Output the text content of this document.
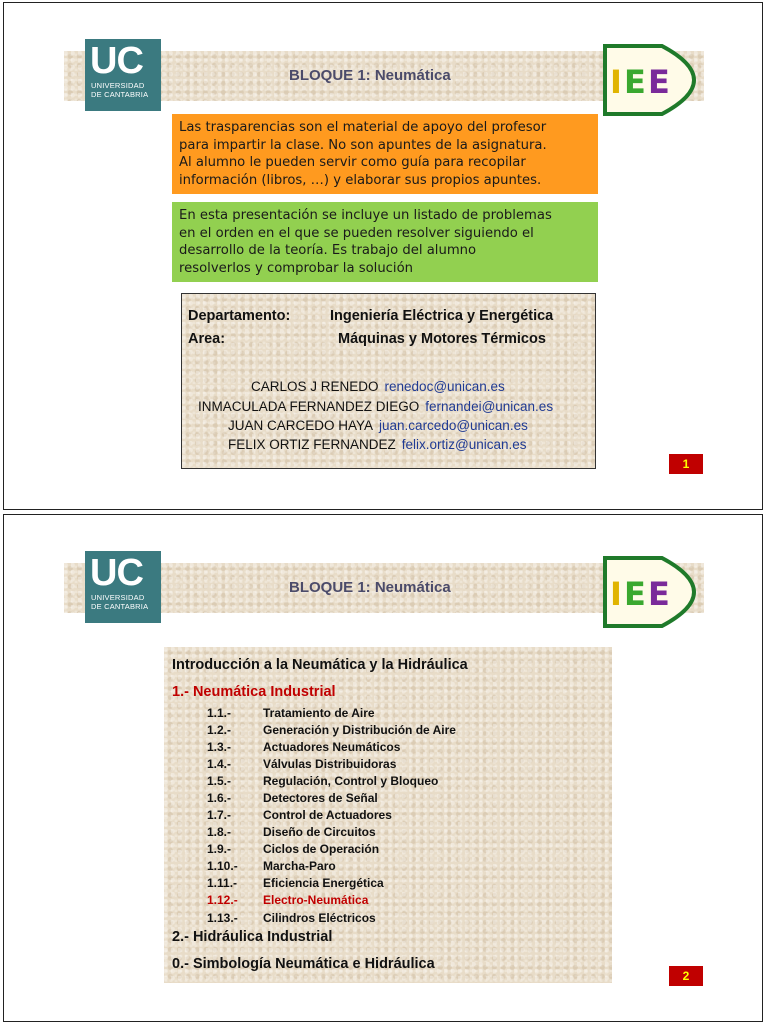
UC
UNIVERSIDAD
DE CANTABRIA
BLOQUE 1: Neumática	I E E
Las trasparencias son el material de apoyo del profesor
para impartir la clase. No son apuntes de la asignatura.
Al alumno le pueden servir como guía para recopilar
información (libros, …) y elaborar sus propios apuntes.
En esta presentación se incluye un listado de problemas
en el orden en el que se pueden resolver siguiendo el
desarrollo de la teoría. Es trabajo del alumno
resolverlos y comprobar la solución
Departamento:	Ingeniería Eléctrica y Energética
Area:	Máquinas y Motores Térmicos
CARLOS J RENEDO renedoc@unican.es
INMACULADA FERNANDEZ DIEGO fernandei@unican.es
JUAN CARCEDO HAYA juan.carcedo@unican.es
FELIX ORTIZ FERNANDEZ felix.ortiz@unican.es
1
UC
UNIVERSIDAD
DE CANTABRIA
BLOQUE 1: Neumática	I E E
Introducción a la Neumática y la Hidráulica
1.- Neumática Industrial
1.1.-	Tratamiento de Aire
1.2.-	Generación y Distribución de Aire
1.3.-	Actuadores Neumáticos
1.4.-	Válvulas Distribuidoras
1.5.-	Regulación, Control y Bloqueo
1.6.-	Detectores de Señal
1.7.-	Control de Actuadores
1.8.-	Diseño de Circuitos
1.9.-	Ciclos de Operación
1.10.- Marcha-Paro
1.11.- Eficiencia Energética
1.12.- Electro-Neumática
1.13.- Cilindros Eléctricos
2.- Hidráulica Industrial
0.- Simbología Neumática e Hidráulica
2
